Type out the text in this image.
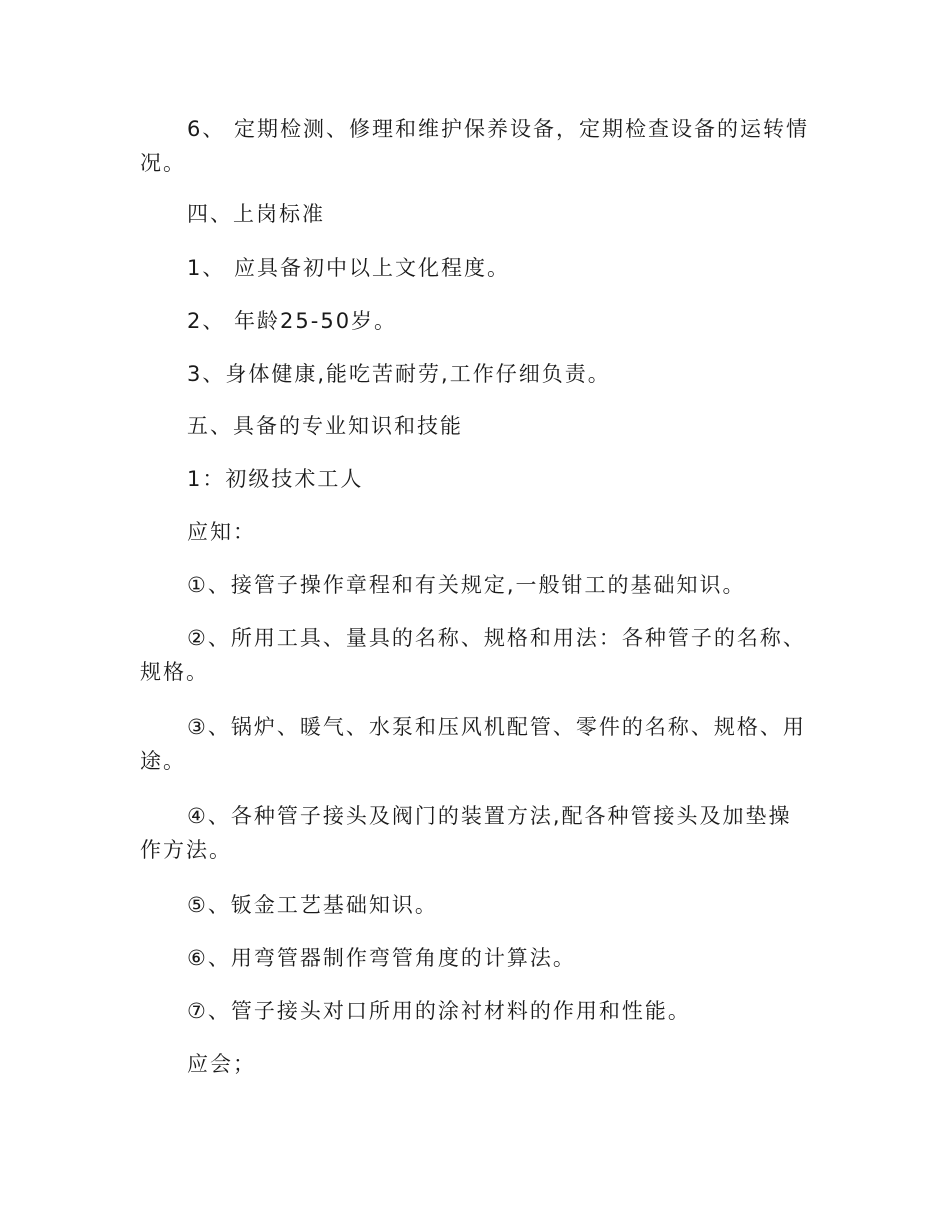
6、 定期检测、修理和维护保养设备，定期检查设备的运转情况。

四、上岗标准

1、 应具备初中以上文化程度。

2、 年龄25-50岁。

3、身体健康,能吃苦耐劳,工作仔细负责。

五、具备的专业知识和技能

1：初级技术工人

应知：

①、接管子操作章程和有关规定,一般钳工的基础知识。

②、所用工具、量具的名称、规格和用法：各种管子的名称、规格。

③、锅炉、暖气、水泵和压风机配管、零件的名称、规格、用途。

④、各种管子接头及阀门的装置方法,配各种管接头及加垫操作方法。

⑤、钣金工艺基础知识。

⑥、用弯管器制作弯管角度的计算法。

⑦、管子接头对口所用的涂衬材料的作用和性能。

应会；
